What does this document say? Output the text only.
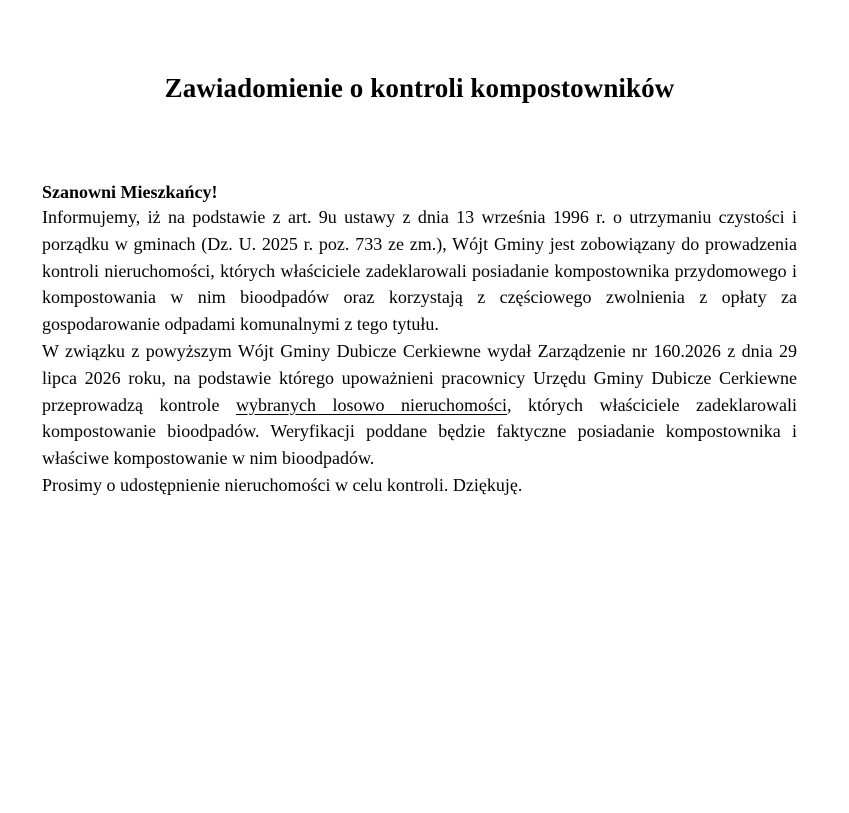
Zawiadomienie o kontroli kompostowników
Szanowni Mieszkańcy!

Informujemy, iż na podstawie z art. 9u ustawy z dnia 13 września 1996 r. o utrzymaniu czystości i porządku w gminach (Dz. U. 2025 r. poz. 733 ze zm.), Wójt Gminy jest zobowiązany do prowadzenia kontroli nieruchomości, których właściciele zadeklarowali posiadanie kompostownika przydomowego i kompostowania w nim bioodpadów oraz korzystają z częściowego zwolnienia z opłaty za gospodarowanie odpadami komunalnymi z tego tytułu.

W związku z powyższym Wójt Gminy Dubicze Cerkiewne wydał Zarządzenie nr 160.2026 z dnia 29 lipca 2026 roku, na podstawie którego upoważnieni pracownicy Urzędu Gminy Dubicze Cerkiewne przeprowadzą kontrole wybranych losowo nieruchomości, których właściciele zadeklarowali kompostowanie bioodpadów. Weryfikacji poddane będzie faktyczne posiadanie kompostownika i właściwe kompostowanie w nim bioodpadów.

Prosimy o udostępnienie nieruchomości w celu kontroli. Dziękuję.
